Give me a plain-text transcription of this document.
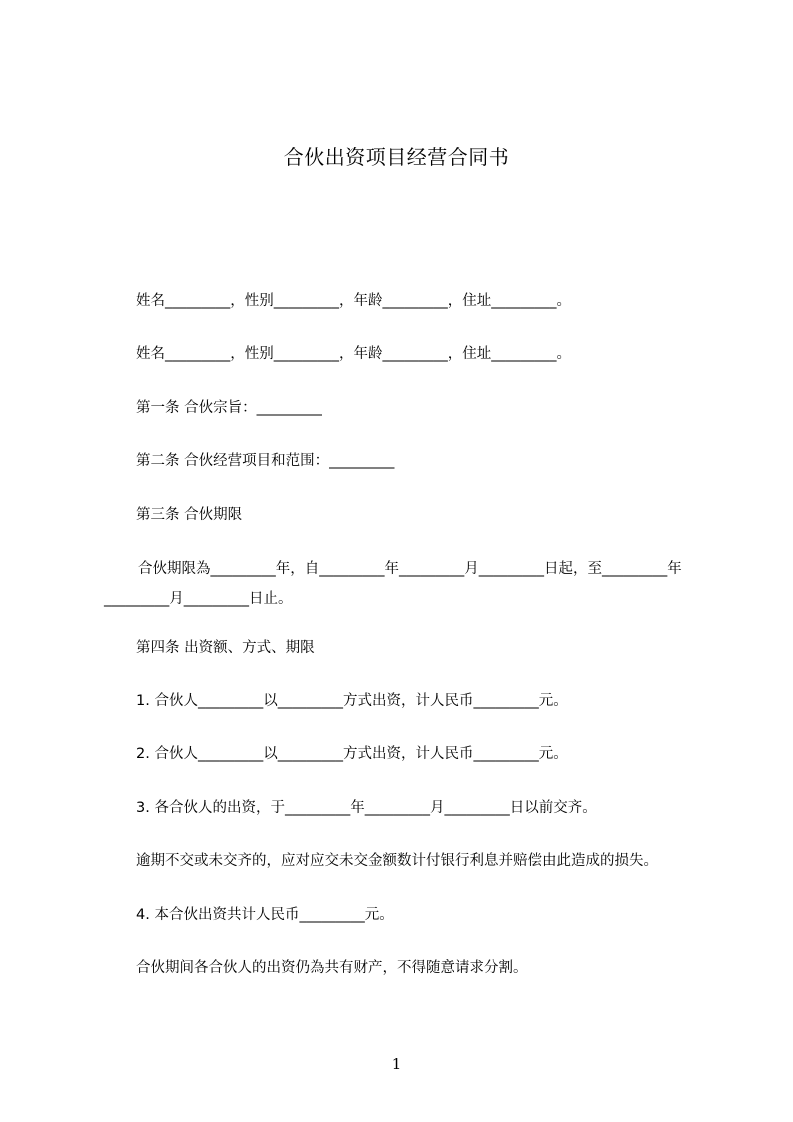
合伙出资项目经营合同书
姓名_________，性别_________，年龄_________，住址_________。
姓名_________，性别_________，年龄_________，住址_________。
第一条 合伙宗旨：_________
第二条 合伙经营项目和范围：_________
第三条 合伙期限
合伙期限為_________年，自_________年_________月_________日起，至_________年_________月_________日止。
第四条 出资额、方式、期限
1. 合伙人_________以_________方式出资，计人民币_________元。
2. 合伙人_________以_________方式出资，计人民币_________元。
3. 各合伙人的出资，于_________年_________月_________日以前交齐。
逾期不交或未交齐的，应对应交未交金额数计付银行利息并赔偿由此造成的损失。
4. 本合伙出资共计人民币_________元。
合伙期间各合伙人的出资仍為共有财产，不得随意请求分割。
1
